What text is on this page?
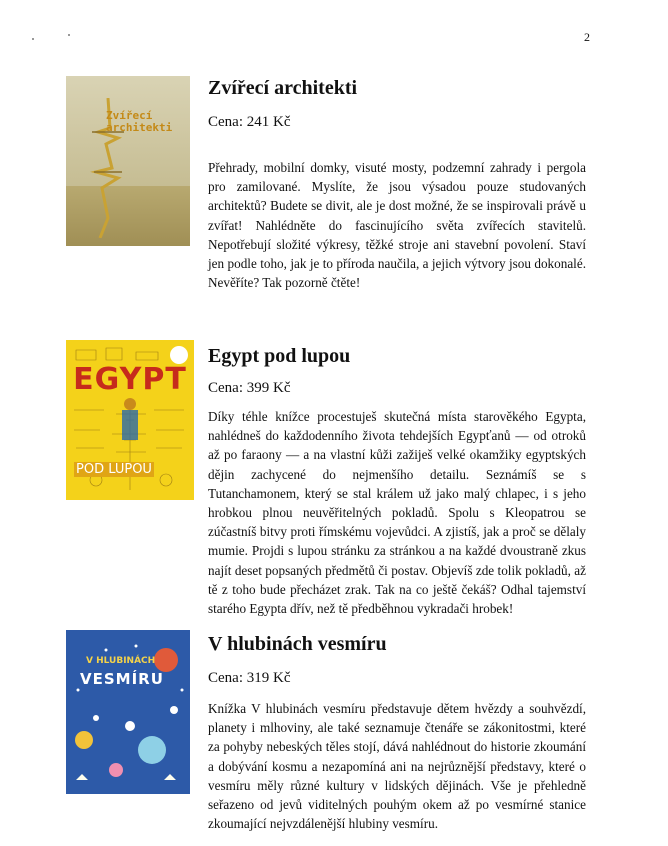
2
Zvířecí architekti
Zvířecí architekti
Cena: 241 Kč
Přehrady, mobilní domky, visuté mosty, podzemní zahrady i pergola pro zamilované. Myslíte, že jsou výsadou pouze studovaných architektů? Budete se divit, ale je dost možné, že se inspirovali právě u zvířat! Nahlédněte do fascinujícího světa zvířecích stavitelů. Nepotřebují složité výkresy, těžké stroje ani stavební povolení. Staví jen podle toho, jak je to příroda naučila, a jejich výtvory jsou dokonalé. Nevěříte? Tak pozorně čtěte!
EGYPT
POD LUPOU
Egypt pod lupou
Cena: 399 Kč
Díky téhle knížce procestuješ skutečná místa starověkého Egypta, nahlédneš do každodenního života tehdejších Egypťanů — od otroků až po faraony — a na vlastní kůži zažiješ velké okamžiky egyptských dějin zachycené do nejmenšího detailu. Seznámíš se s Tutanchamonem, který se stal králem už jako malý chlapec, i s jeho hrobkou plnou neuvěřitelných pokladů. Spolu s Kleopatrou se zúčastníš bitvy proti římskému vojevůdci. A zjistíš, jak a proč se dělaly mumie. Projdi s lupou stránku za stránkou a na každé dvoustraně zkus najít deset popsaných předmětů či postav. Objevíš zde tolik pokladů, až tě z toho bude přecházet zrak. Tak na co ještě čekáš? Odhal tajemství starého Egypta dřív, než tě předběhnou vykradači hrobek!
V HLUBINÁCH
VESMÍRU
V hlubinách vesmíru
Cena: 319 Kč
Knížka V hlubinách vesmíru představuje dětem hvězdy a souhvězdí, planety i mlhoviny, ale také seznamuje čtenáře se zákonitostmi, které za pohyby nebeských těles stojí, dává nahlédnout do historie zkoumání a dobývání kosmu a nezapomíná ani na nejrůznější představy, které o vesmíru měly různé kultury v lidských dějinách. Vše je přehledně seřazeno od jevů viditelných pouhým okem až po vesmírné stanice zkoumající nejvzdálenější hlubiny vesmíru.
